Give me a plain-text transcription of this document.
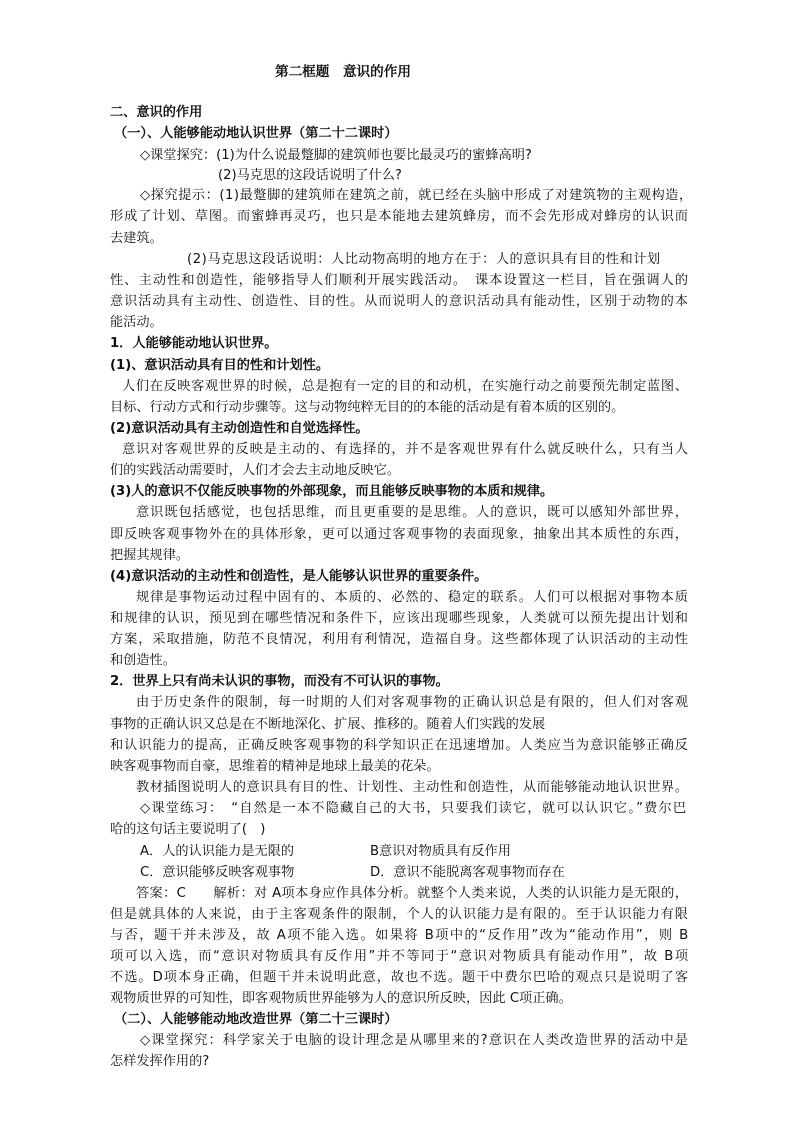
第二框题　意识的作用
二、意识的作用
（一）、人能够能动地认识世界（第二十二课时）
◇课堂探究：(1)为什么说最蹩脚的建筑师也要比最灵巧的蜜蜂高明?
(2)马克思的这段话说明了什么?
◇探究提示：(1)最蹩脚的建筑师在建筑之前，就已经在头脑中形成了对建筑物的主观构造，
形成了计划、草图。而蜜蜂再灵巧，也只是本能地去建筑蜂房，而不会先形成对蜂房的认识而
去建筑。
(2)马克思这段话说明：人比动物高明的地方在于：人的意识具有目的性和计划
性、主动性和创造性，能够指导人们顺利开展实践活动。　课本设置这一栏目，旨在强调人的
意识活动具有主动性、创造性、目的性。从而说明人的意识活动具有能动性，区别于动物的本
能活动。
1．人能够能动地认识世界。
(1)、意识活动具有目的性和计划性。
人们在反映客观世界的时候，总是抱有一定的目的和动机，在实施行动之前要预先制定蓝图、
目标、行动方式和行动步骤等。这与动物纯粹无目的的本能的活动是有着本质的区别的。
(2)意识活动具有主动创造性和自觉选择性。
意识对客观世界的反映是主动的、有选择的，并不是客观世界有什么就反映什么，只有当人
们的实践活动需要时，人们才会去主动地反映它。
(3)人的意识不仅能反映事物的外部现象，而且能够反映事物的本质和规律。
意识既包括感觉，也包括思维，而且更重要的是思维。人的意识，既可以感知外部世界，
即反映客观事物外在的具体形象，更可以通过客观事物的表面现象，抽象出其本质性的东西，
把握其规律。
(4)意识活动的主动性和创造性，是人能够认识世界的重要条件。
规律是事物运动过程中固有的、本质的、必然的、稳定的联系。人们可以根据对事物本质
和规律的认识，预见到在哪些情况和条件下，应该出现哪些现象，人类就可以预先提出计划和
方案，采取措施，防范不良情况，利用有利情况，造福自身。这些都体现了认识活动的主动性
和创造性。
2．世界上只有尚未认识的事物，而没有不可认识的事物。
由于历史条件的限制，每一时期的人们对客观事物的正确认识总是有限的，但人们对客观
事物的正确认识又总是在不断地深化、扩展、推移的。随着人们实践的发展
和认识能力的提高，正确反映客观事物的科学知识正在迅速增加。人类应当为意识能够正确反
映客观事物而自豪，思维着的精神是地球上最美的花朵。
教材插图说明人的意识具有目的性、计划性、主动性和创造性，从而能够能动地认识世界。
◇课堂练习：　“自然是一本不隐藏自己的大书，只要我们读它，就可以认识它。”费尔巴
哈的这句话主要说明了(　)
A．人的认识能力是无限的	B意识对物质具有反作用
C．意识能够反映客观事物	D．意识不能脱离客观事物而存在
答案：C　　解析：对 A项本身应作具体分析。就整个人类来说，人类的认识能力是无限的，
但是就具体的人来说，由于主客观条件的限制，个人的认识能力是有限的。至于认识能力有限
与否，题干并未涉及，故 A项不能入选。如果将 B项中的“反作用”改为“能动作用”，则 B
项可以入选，而“意识对物质具有反作用”并不等同于“意识对物质具有能动作用”，故 B项
不选。D项本身正确，但题干并未说明此意，故也不选。题干中费尔巴哈的观点只是说明了客
观物质世界的可知性，即客观物质世界能够为人的意识所反映，因此 C项正确。
（二）、人能够能动地改造世界（第二十三课时）
◇课堂探究：科学家关于电脑的设计理念是从哪里来的?意识在人类改造世界的活动中是
怎样发挥作用的?
